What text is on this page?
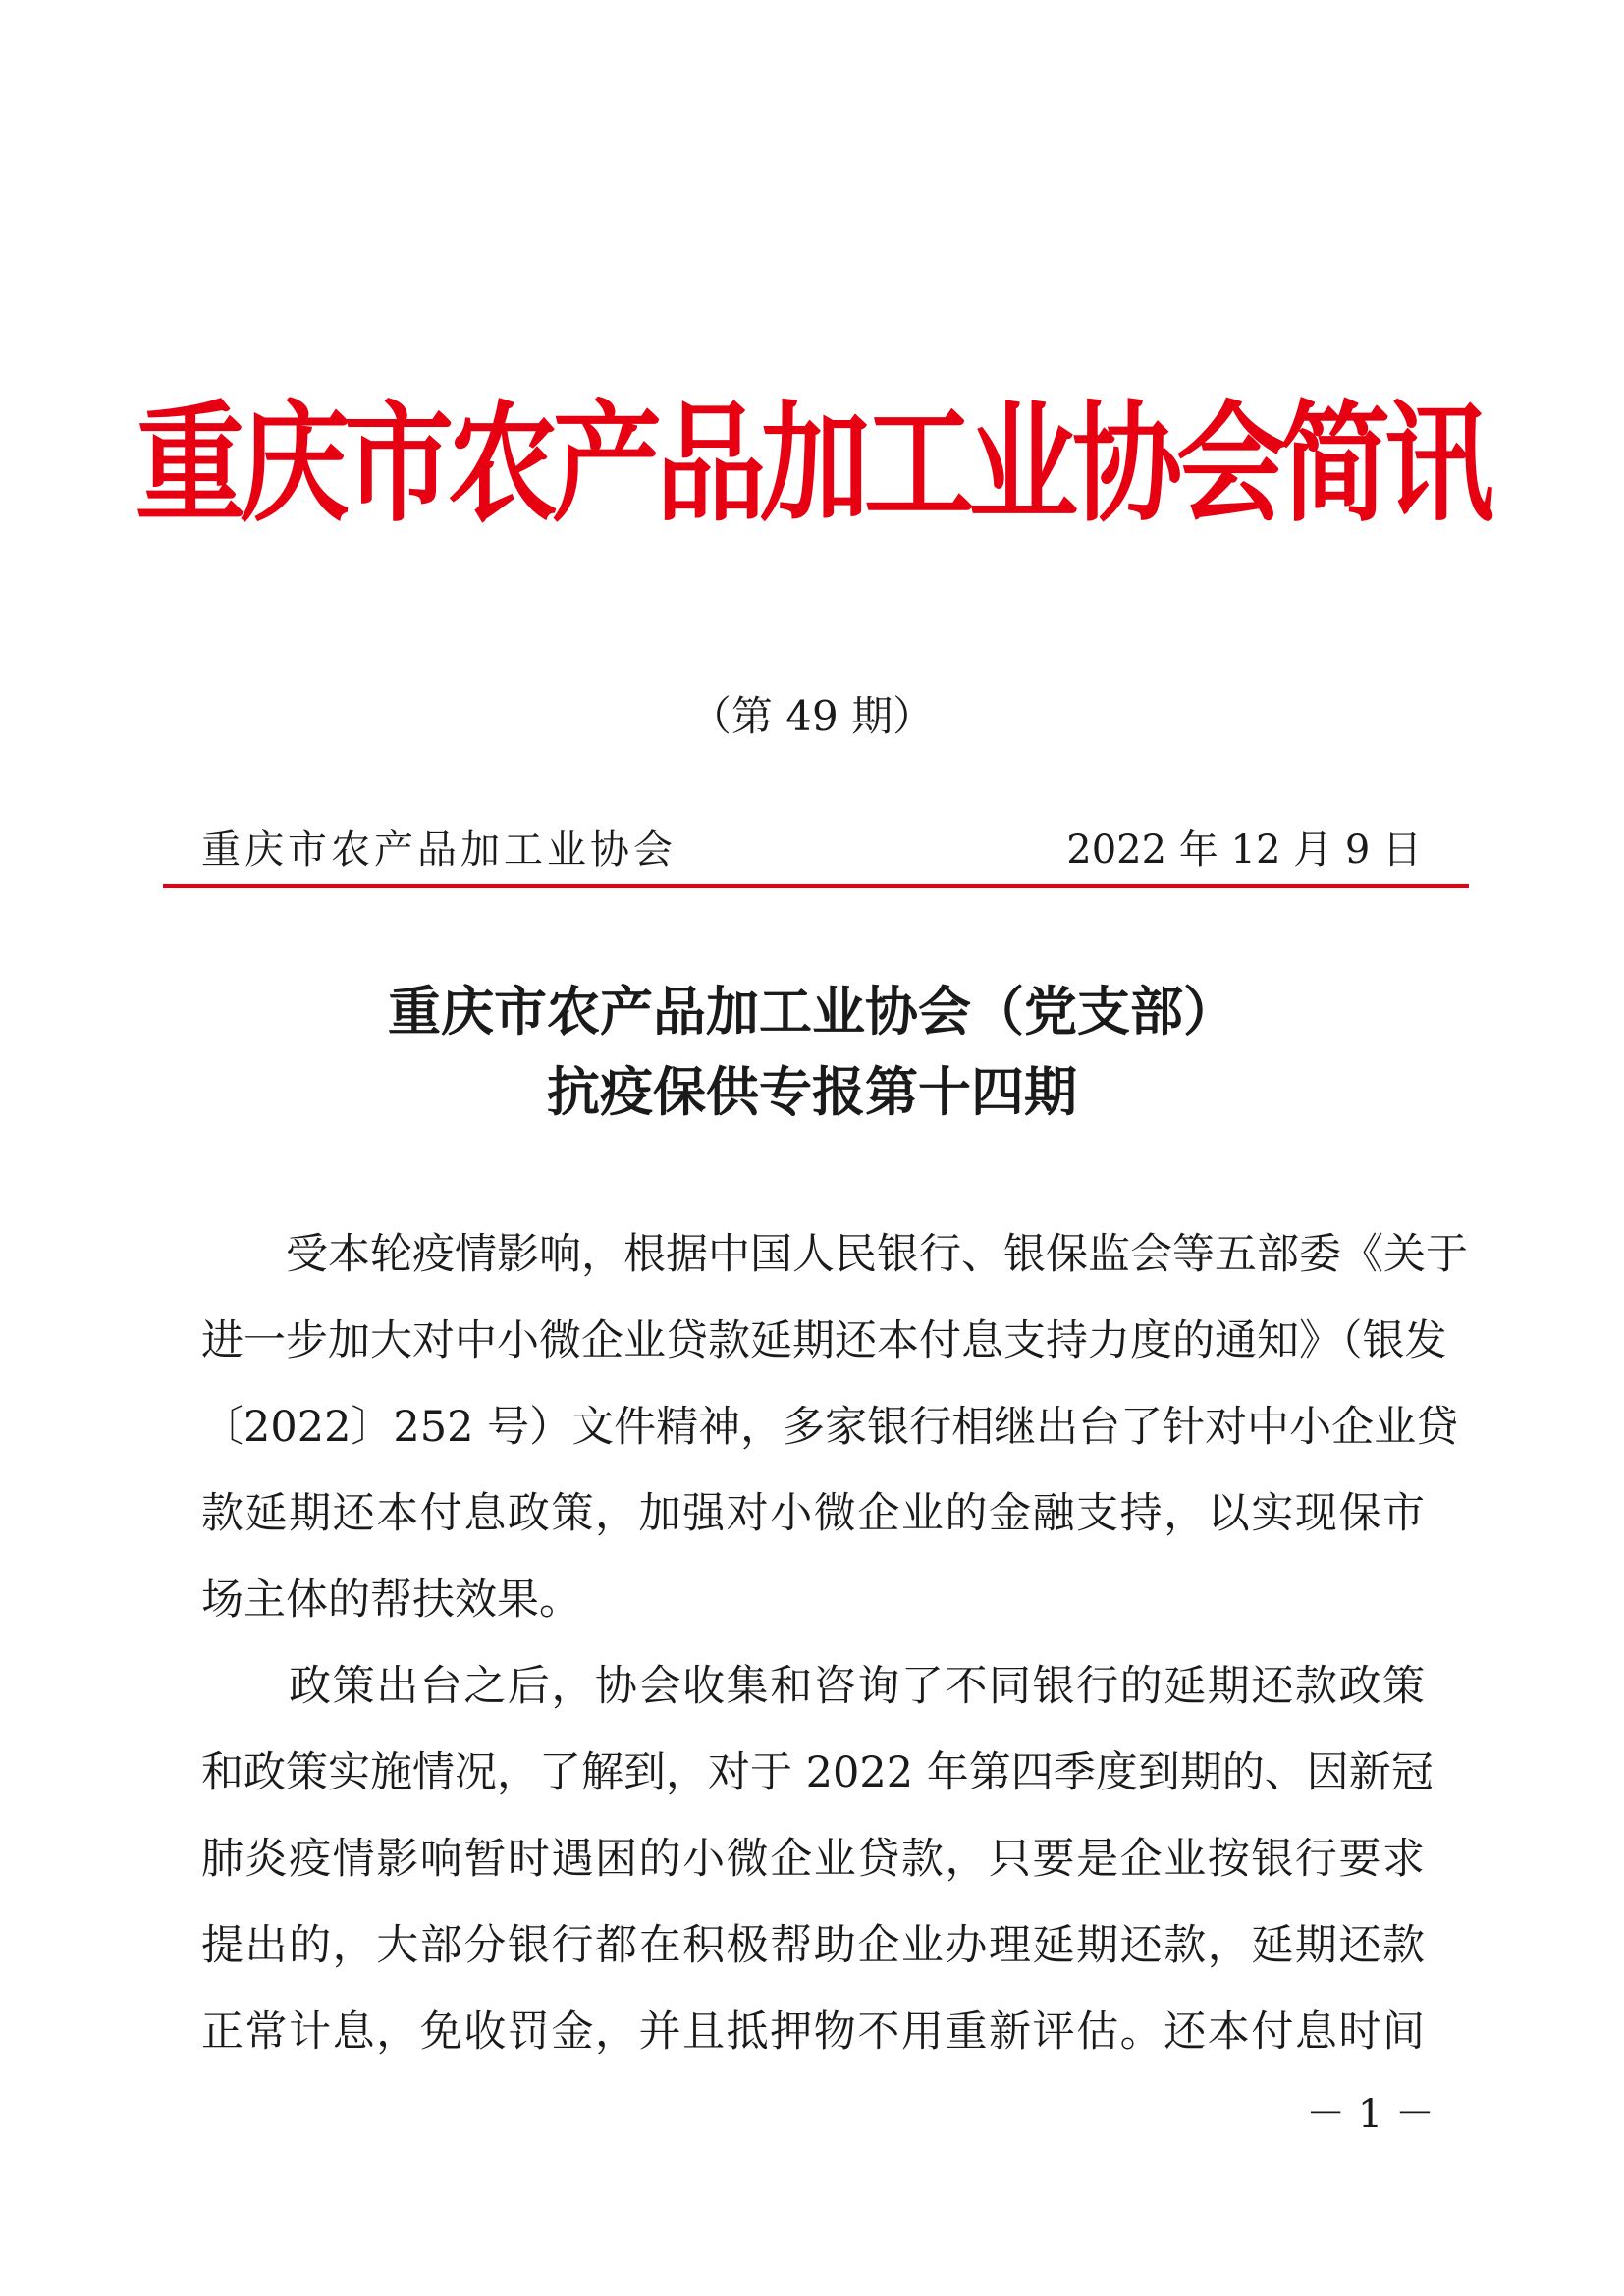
重庆市农产品加工业协会简讯
（第 49 期）
重庆市农产品加工业协会	2022 年 12 月 9 日
重庆市农产品加工业协会（党支部）
抗疫保供专报第十四期
　　受本轮疫情影响，根据中国人民银行、银保监会等五部委《关于
进一步加大对中小微企业贷款延期还本付息支持力度的通知》（银发
〔2022〕252 号）文件精神，多家银行相继出台了针对中小企业贷
款延期还本付息政策，加强对小微企业的金融支持，以实现保市
场主体的帮扶效果。
　　政策出台之后，协会收集和咨询了不同银行的延期还款政策
和政策实施情况，了解到，对于 2022 年第四季度到期的、因新冠
肺炎疫情影响暂时遇困的小微企业贷款，只要是企业按银行要求
提出的，大部分银行都在积极帮助企业办理延期还款，延期还款
正常计息，免收罚金，并且抵押物不用重新评估。还本付息时间
－ 1 －
